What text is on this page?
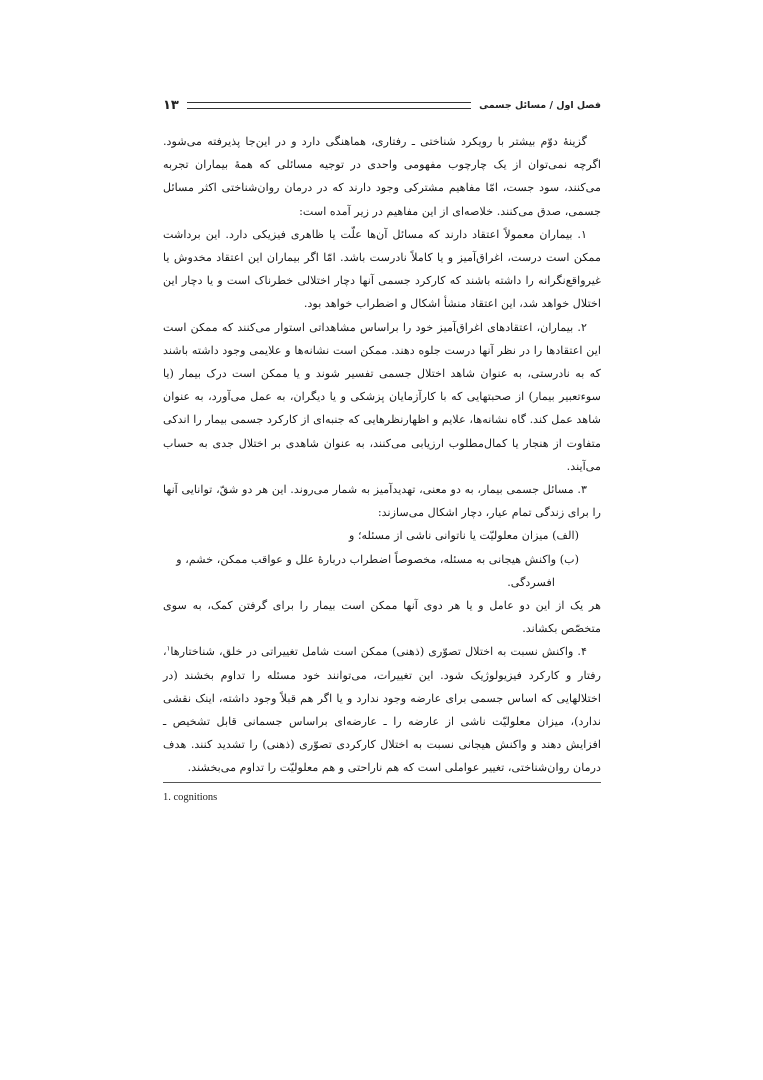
فصل اول / مسائل جسمی
۱۳

گزینهٔ دوّم بیشتر با رویکرد شناختی ـ رفتاری، هماهنگی دارد و در این‌جا پذیرفته می‌شود. اگرچه نمی‌توان از یک چارچوب مفهومی واحدی در توجیه مسائلی که همهٔ بیماران تجربه می‌کنند، سود جست، امّا مفاهیم مشترکی وجود دارند که در درمان روان‌شناختی اکثر مسائل جسمی، صدق می‌کنند. خلاصه‌ای از این مفاهیم در زیر آمده است:

۱. بیماران معمولاً اعتقاد دارند که مسائل آن‌ها علّت یا ظاهری فیزیکی دارد. این برداشت ممکن است درست، اغراق‌آمیز و یا کاملاً نادرست باشد. امّا اگر بیماران این اعتقاد مخدوش یا غیرواقع‌نگرانه را داشته باشند که کارکرد جسمی آنها دچار اختلالی خطرناک است و یا دچار این اختلال خواهد شد، این اعتقاد منشأ اشکال و اضطراب خواهد بود.

۲. بیماران، اعتقادهای اغراق‌آمیز خود را براساس مشاهداتی استوار می‌کنند که ممکن است این اعتقادها را در نظر آنها درست جلوه دهند. ممکن است نشانه‌ها و علایمی وجود داشته باشند که به نادرستی، به عنوان شاهد اختلال جسمی تفسیر شوند و یا ممکن است درک بیمار (یا سوءتعبیر بیمار) از صحبتهایی که با کارآزمایان پزشکی و یا دیگران، به عمل می‌آورد، به عنوان شاهد عمل کند. گاه نشانه‌ها، علایم و اظهارنظرهایی که جنبه‌ای از کارکرد جسمی بیمار را اندکی متفاوت از هنجار یا کمال‌مطلوب ارزیابی می‌کنند، به عنوان شاهدی بر اختلال جدی به حساب می‌آیند.

۳. مسائل جسمی بیمار، به دو معنی، تهدیدآمیز به شمار می‌روند. این هر دو شقّ، توانایی آنها را برای زندگی تمام عیار، دچار اشکال می‌سازند:

(الف) میزان معلولیّت یا ناتوانی ناشی از مسئله؛ و

(ب) واکنش هیجانی به مسئله، مخصوصاً اضطراب دربارهٔ علل و عواقب ممکن، خشم، و

افسردگی.

هر یک از این دو عامل و یا هر دوی آنها ممکن است بیمار را برای گرفتن کمک، به سوی متخصّص بکشاند.

۴. واکنش نسبت به اختلال تصوّری (ذهنی) ممکن است شامل تغییراتی در خلق، شناختارها$^۱$، رفتار و کارکرد فیزیولوژیک شود. این تغییرات، می‌توانند خود مسئله را تداوم بخشند (در اختلالهایی که اساس جسمی برای عارضه وجود ندارد و یا اگر هم قبلاً وجود داشته، اینک نقشی ندارد)، میزان معلولیّت ناشی از عارضه را ـ عارضه‌ای براساس جسمانی قابل تشخیص ـ افزایش دهند و واکنش هیجانی نسبت به اختلال کارکردی تصوّری (ذهنی) را تشدید کنند. هدف درمان روان‌شناختی، تغییر عواملی است که هم ناراحتی و هم معلولیّت را تداوم می‌بخشند.

1. cognitions
